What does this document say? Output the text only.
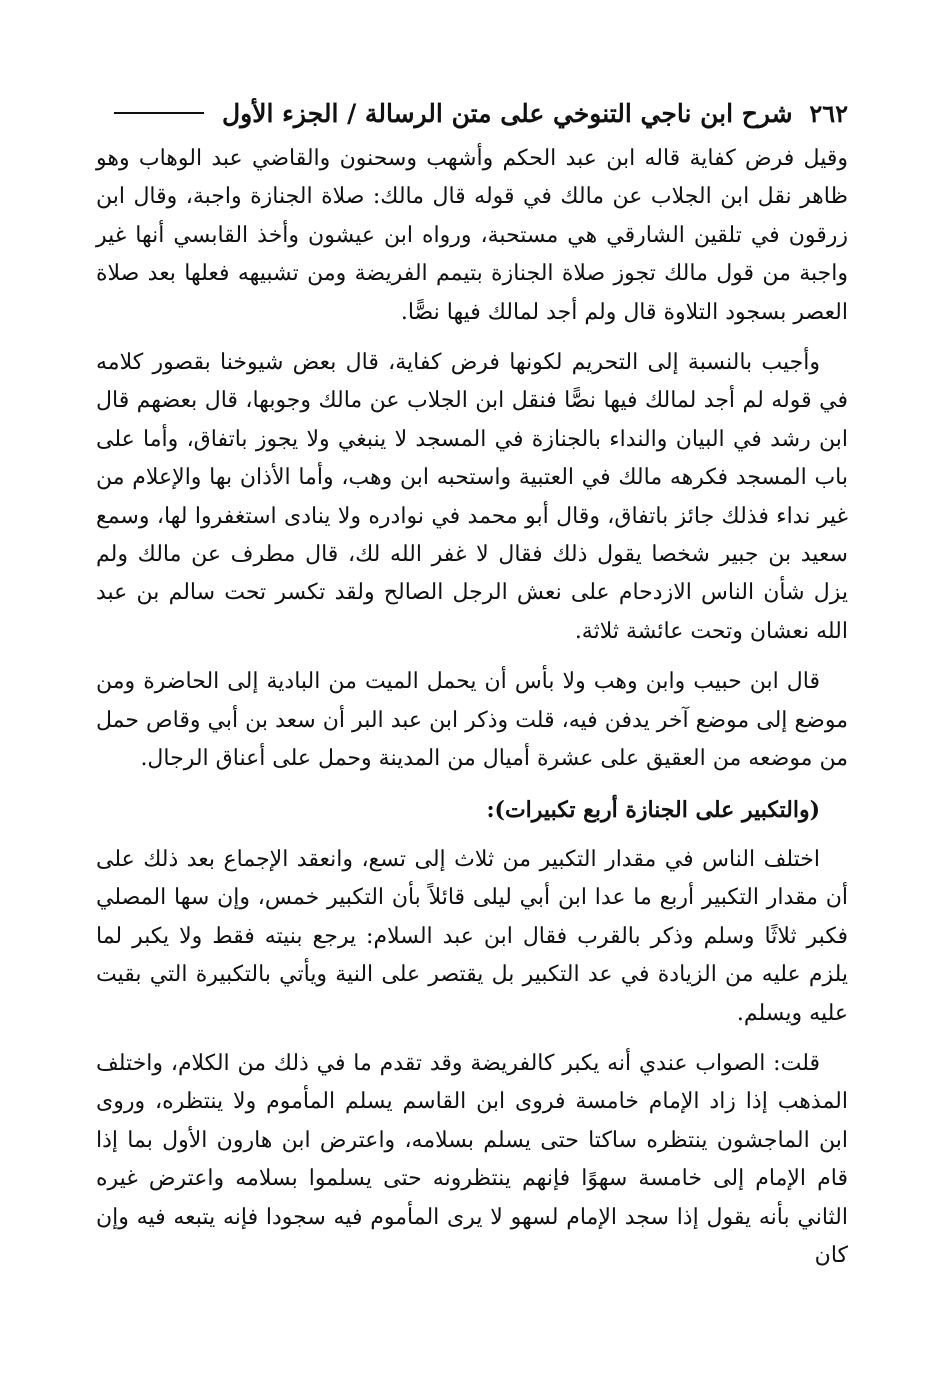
٢٦٢
شرح ابن ناجي التنوخي على متن الرسالة / الجزء الأول

وقيل فرض كفاية قاله ابن عبد الحكم وأشهب وسحنون والقاضي عبد الوهاب وهو ظاهر نقل ابن الجلاب عن مالك في قوله قال مالك: صلاة الجنازة واجبة، وقال ابن زرقون في تلقين الشارقي هي مستحبة، ورواه ابن عيشون وأخذ القابسي أنها غير واجبة من قول مالك تجوز صلاة الجنازة بتيمم الفريضة ومن تشبيهه فعلها بعد صلاة العصر بسجود التلاوة قال ولم أجد لمالك فيها نصًّا.

وأجيب بالنسبة إلى التحريم لكونها فرض كفاية، قال بعض شيوخنا بقصور كلامه في قوله لم أجد لمالك فيها نصًّا فنقل ابن الجلاب عن مالك وجوبها، قال بعضهم قال ابن رشد في البيان والنداء بالجنازة في المسجد لا ينبغي ولا يجوز باتفاق، وأما على باب المسجد فكرهه مالك في العتبية واستحبه ابن وهب، وأما الأذان بها والإعلام من غير نداء فذلك جائز باتفاق، وقال أبو محمد في نوادره ولا ينادى استغفروا لها، وسمع سعيد بن جبير شخصا يقول ذلك فقال لا غفر الله لك، قال مطرف عن مالك ولم يزل شأن الناس الازدحام على نعش الرجل الصالح ولقد تكسر تحت سالم بن عبد الله نعشان وتحت عائشة ثلاثة.

قال ابن حبيب وابن وهب ولا بأس أن يحمل الميت من البادية إلى الحاضرة ومن موضع إلى موضع آخر يدفن فيه، قلت وذكر ابن عبد البر أن سعد بن أبي وقاص حمل من موضعه من العقيق على عشرة أميال من المدينة وحمل على أعناق الرجال.

(والتكبير على الجنازة أربع تكبيرات):

اختلف الناس في مقدار التكبير من ثلاث إلى تسع، وانعقد الإجماع بعد ذلك على أن مقدار التكبير أربع ما عدا ابن أبي ليلى قائلاً بأن التكبير خمس، وإن سها المصلي فكبر ثلاثًا وسلم وذكر بالقرب فقال ابن عبد السلام: يرجع بنيته فقط ولا يكبر لما يلزم عليه من الزيادة في عد التكبير بل يقتصر على النية ويأتي بالتكبيرة التي بقيت عليه ويسلم.

قلت: الصواب عندي أنه يكبر كالفريضة وقد تقدم ما في ذلك من الكلام، واختلف المذهب إذا زاد الإمام خامسة فروى ابن القاسم يسلم المأموم ولا ينتظره، وروى ابن الماجشون ينتظره ساكتا حتى يسلم بسلامه، واعترض ابن هارون الأول بما إذا قام الإمام إلى خامسة سهوًا فإنهم ينتظرونه حتى يسلموا بسلامه واعترض غيره الثاني بأنه يقول إذا سجد الإمام لسهو لا يرى المأموم فيه سجودا فإنه يتبعه فيه وإن كان
